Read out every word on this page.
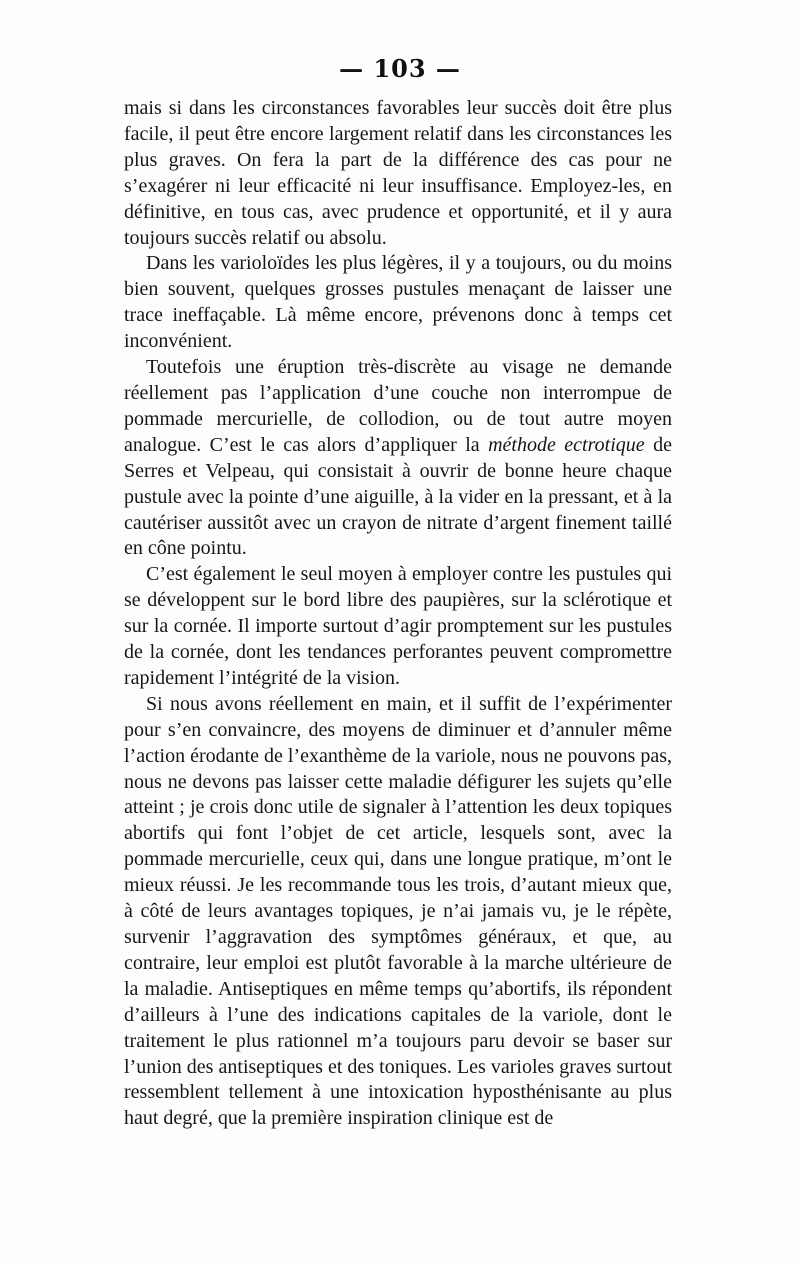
— 103 —

mais si dans les circonstances favorables leur succès doit être plus facile, il peut être encore largement relatif dans les circonstances les plus graves. On fera la part de la différence des cas pour ne s’exagérer ni leur efficacité ni leur insuffisance. Employez-les, en définitive, en tous cas, avec prudence et opportunité, et il y aura toujours succès relatif ou absolu.

Dans les varioloïdes les plus légères, il y a toujours, ou du moins bien souvent, quelques grosses pustules menaçant de laisser une trace ineffaçable. Là même encore, prévenons donc à temps cet inconvénient.

Toutefois une éruption très-discrète au visage ne demande réellement pas l’application d’une couche non interrompue de pommade mercurielle, de collodion, ou de tout autre moyen analogue. C’est le cas alors d’appliquer la méthode ectrotique de Serres et Velpeau, qui consistait à ouvrir de bonne heure chaque pustule avec la pointe d’une aiguille, à la vider en la pressant, et à la cautériser aussitôt avec un crayon de nitrate d’argent finement taillé en cône pointu.

C’est également le seul moyen à employer contre les pustules qui se développent sur le bord libre des paupières, sur la sclérotique et sur la cornée. Il importe surtout d’agir promptement sur les pustules de la cornée, dont les tendances perforantes peuvent compromettre rapidement l’intégrité de la vision.

Si nous avons réellement en main, et il suffit de l’expérimenter pour s’en convaincre, des moyens de diminuer et d’annuler même l’action érodante de l’exanthème de la variole, nous ne pouvons pas, nous ne devons pas laisser cette maladie défigurer les sujets qu’elle atteint ; je crois donc utile de signaler à l’attention les deux topiques abortifs qui font l’objet de cet article, lesquels sont, avec la pommade mercurielle, ceux qui, dans une longue pratique, m’ont le mieux réussi. Je les recommande tous les trois, d’autant mieux que, à côté de leurs avantages topiques, je n’ai jamais vu, je le répète, survenir l’aggravation des symptômes généraux, et que, au contraire, leur emploi est plutôt favorable à la marche ultérieure de la maladie. Antiseptiques en même temps qu’abortifs, ils répondent d’ailleurs à l’une des indications capitales de la variole, dont le traitement le plus rationnel m’a toujours paru devoir se baser sur l’union des antiseptiques et des toniques. Les varioles graves surtout ressemblent tellement à une intoxication hyposthénisante au plus haut degré, que la première inspiration clinique est de
